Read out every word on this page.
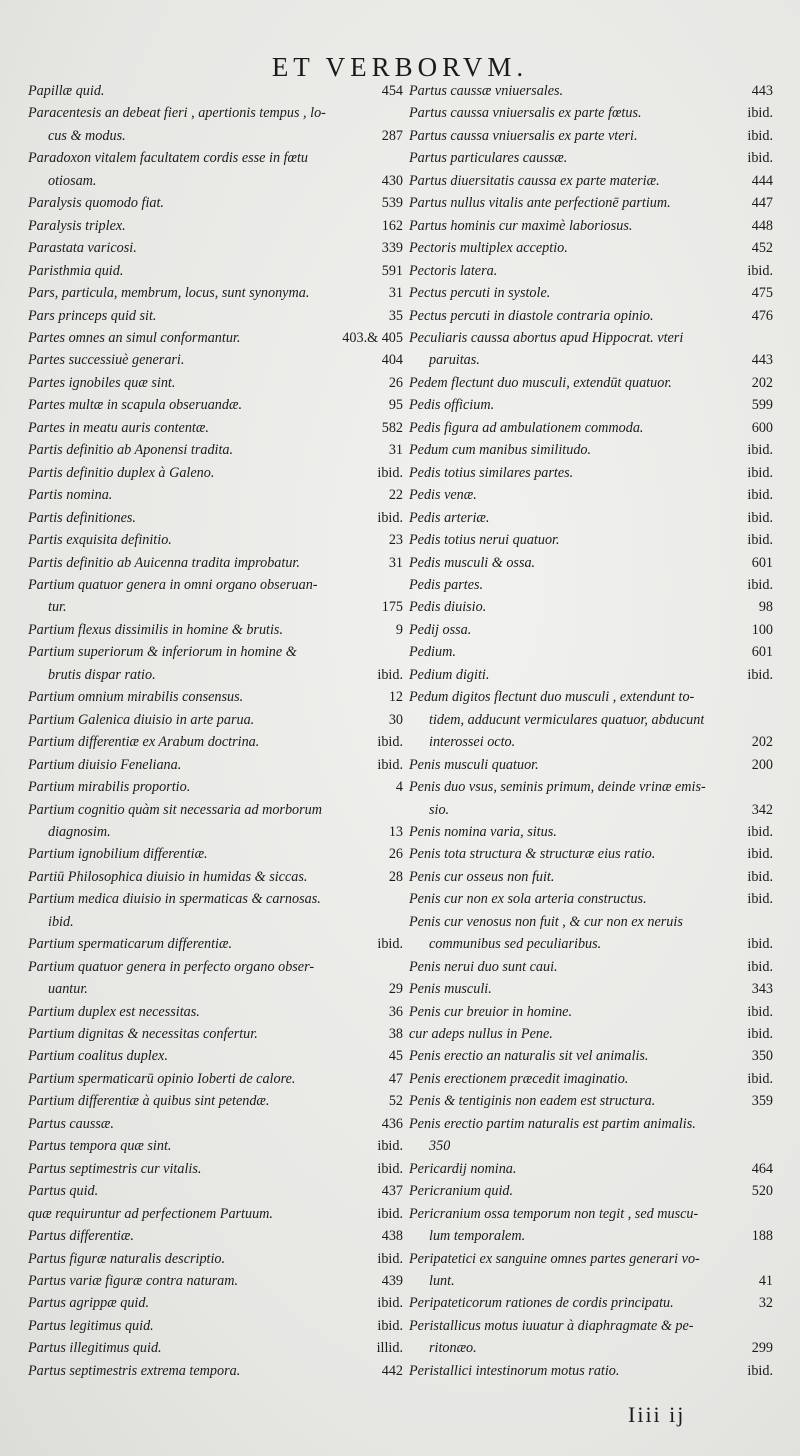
ET VERBORVM.
Papillæ quid.	454
Paracentesis an debeat fieri , apertionis tempus , lo-
cus & modus.	287
Paradoxon vitalem facultatem cordis esse in fœtu
otiosam.	430
Paralysis quomodo fiat.	539
Paralysis triplex.	162
Parastata varicosi.	339
Paristhmia quid.	591
Pars, particula, membrum, locus, sunt synonyma.	31
Pars princeps quid sit.	35
Partes omnes an simul conformantur.	403.& 405
Partes successiuè generari.	404
Partes ignobiles quæ sint.	26
Partes multæ in scapula obseruandæ.	95
Partes in meatu auris contentæ.	582
Partis definitio ab Aponensi tradita.	31
Partis definitio duplex à Galeno.	ibid.
Partis nomina.	22
Partis definitiones.	ibid.
Partis exquisita definitio.	23
Partis definitio ab Auicenna tradita improbatur.	31
Partium quatuor genera in omni organo obseruan-
tur.	175
Partium flexus dissimilis in homine & brutis.	9
Partium superiorum & inferiorum in homine &
brutis dispar ratio.	ibid.
Partium omnium mirabilis consensus.	12
Partium Galenica diuisio in arte parua.	30
Partium differentiæ ex Arabum doctrina.	ibid.
Partium diuisio Feneliana.	ibid.
Partium mirabilis proportio.	4
Partium cognitio quàm sit necessaria ad morborum
diagnosim.	13
Partium ignobilium differentiæ.	26
Partiū Philosophica diuisio in humidas & siccas.	28
Partium medica diuisio in spermaticas & carnosas.
ibid.
Partium spermaticarum differentiæ.	ibid.
Partium quatuor genera in perfecto organo obser-
uantur.	29
Partium duplex est necessitas.	36
Partium dignitas & necessitas confertur.	38
Partium coalitus duplex.	45
Partium spermaticarū opinio Ioberti de calore.	47
Partium differentiæ à quibus sint petendæ.	52
Partus caussæ.	436
Partus tempora quæ sint.	ibid.
Partus septimestris cur vitalis.	ibid.
Partus quid.	437
quæ requiruntur ad perfectionem Partuum.	ibid.
Partus differentiæ.	438
Partus figuræ naturalis descriptio.	ibid.
Partus variæ figuræ contra naturam.	439
Partus agrippæ quid.	ibid.
Partus legitimus quid.	ibid.
Partus illegitimus quid.	illid.
Partus septimestris extrema tempora.	442
Partus caussæ vniuersales.	443
Partus caussa vniuersalis ex parte fœtus.	ibid.
Partus caussa vniuersalis ex parte vteri.	ibid.
Partus particulares caussæ.	ibid.
Partus diuersitatis caussa ex parte materiæ.	444
Partus nullus vitalis ante perfectionē partium.	447
Partus hominis cur maximè laboriosus.	448
Pectoris multiplex acceptio.	452
Pectoris latera.	ibid.
Pectus percuti in systole.	475
Pectus percuti in diastole contraria opinio.	476
Peculiaris caussa abortus apud Hippocrat. vteri
paruitas.	443
Pedem flectunt duo musculi, extendūt quatuor.	202
Pedis officium.	599
Pedis figura ad ambulationem commoda.	600
Pedum cum manibus similitudo.	ibid.
Pedis totius similares partes.	ibid.
Pedis venæ.	ibid.
Pedis arteriæ.	ibid.
Pedis totius nerui quatuor.	ibid.
Pedis musculi & ossa.	601
Pedis partes.	ibid.
Pedis diuisio.	98
Pedij ossa.	100
Pedium.	601
Pedium digiti.	ibid.
Pedum digitos flectunt duo musculi , extendunt to-
tidem, adducunt vermiculares quatuor, abducunt
interossei octo.	202
Penis musculi quatuor.	200
Penis duo vsus, seminis primum, deinde vrinæ emis-
sio.	342
Penis nomina varia, situs.	ibid.
Penis tota structura & structuræ eius ratio.	ibid.
Penis cur osseus non fuit.	ibid.
Penis cur non ex sola arteria constructus.	ibid.
Penis cur venosus non fuit , & cur non ex neruis
communibus sed peculiaribus.	ibid.
Penis nerui duo sunt caui.	ibid.
Penis musculi.	343
Penis cur breuior in homine.	ibid.
cur adeps nullus in Pene.	ibid.
Penis erectio an naturalis sit vel animalis.	350
Penis erectionem præcedit imaginatio.	ibid.
Penis & tentiginis non eadem est structura.	359
Penis erectio partim naturalis est partim animalis.
350
Pericardij nomina.	464
Pericranium quid.	520
Pericranium ossa temporum non tegit , sed muscu-
lum temporalem.	188
Peripatetici ex sanguine omnes partes generari vo-
lunt.	41
Peripateticorum rationes de cordis principatu.	32
Peristallicus motus iuuatur à diaphragmate & pe-
ritonæo.	299
Peristallici intestinorum motus ratio.	ibid.
Iiii ij
